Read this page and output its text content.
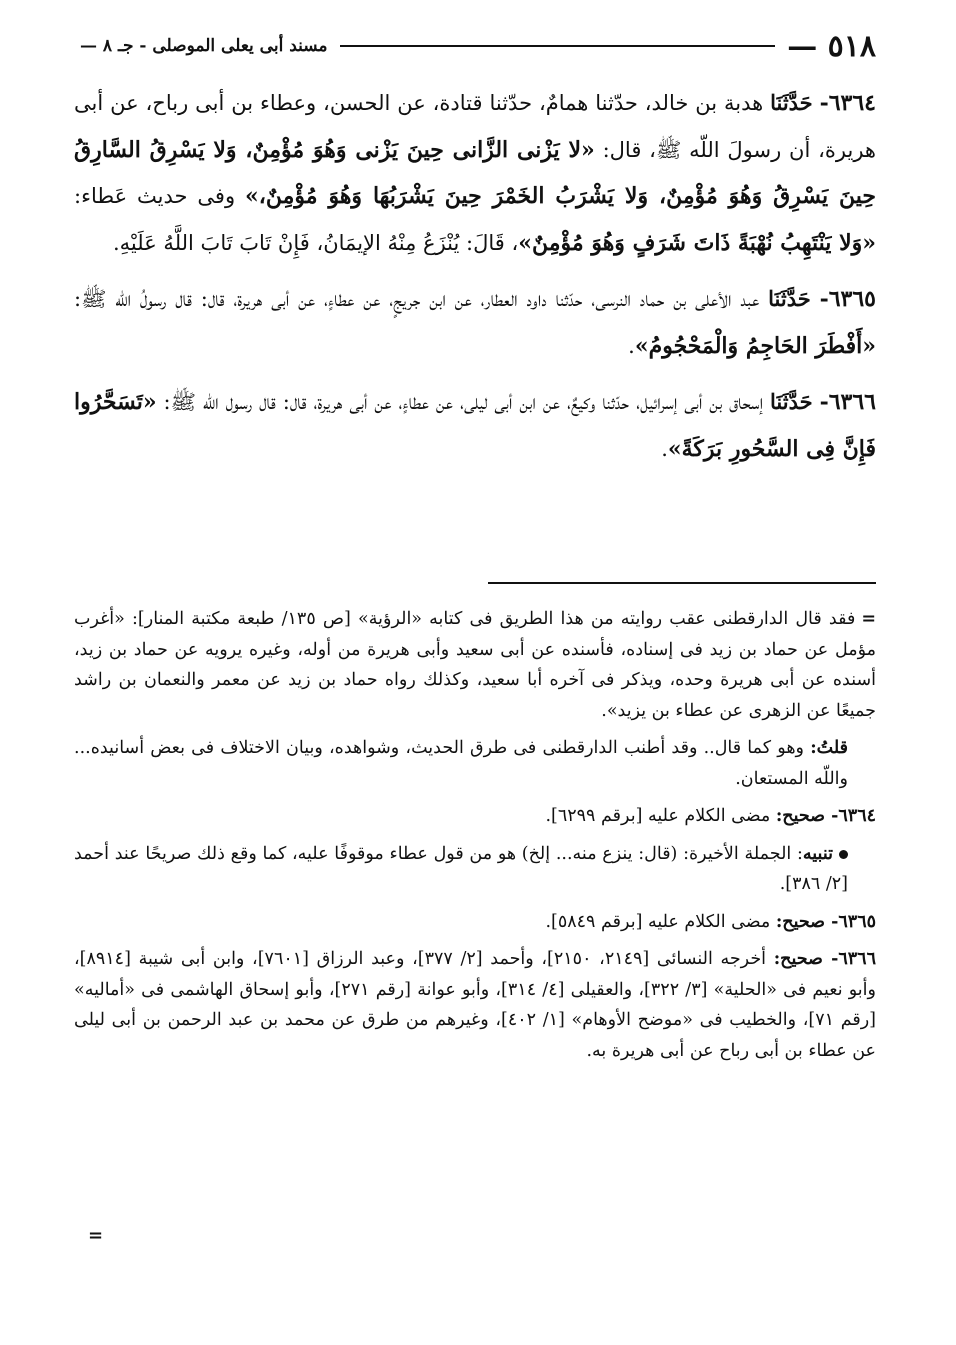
٥١٨ —
مسند أبى يعلى الموصلى - جـ ٨ —

٦٣٦٤- حَدَّثَنَا هدبة بن خالد، حدّثنا همامٌ، حدّثنا قتادة، عن الحسن، وعطاء بن أبى رباح، عن أبى هريرة، أن رسولَ اللّه ﷺ، قال: «لا يَزْنى الزَّانى حِينَ يَزْنى وَهُوَ مُؤْمِنٌ، وَلا يَسْرِقُ السَّارِقُ حِينَ يَسْرِقُ وَهُوَ مُؤْمِنٌ، وَلا يَشْرَبُ الخَمْرَ حِينَ يَشْرَبُهَا وَهُوَ مُؤْمِنٌ،» وفى حديث عَطاء: «وَلا يَنْتَهِبُ نُهْبَةً ذَاتَ شَرَفٍ وَهُوَ مُؤْمِنٌ»، قَالَ: يُنْزَعُ مِنْهُ الإيمَانُ، فَإِنْ تَابَ تَابَ اللَّهُ عَلَيْهِ.

٦٣٦٥- حَدَّثَنَا عبد الأعلى بن حماد النرسى، حدّثنا داود العطار، عن ابن جريجٍ، عن عطاءٍ، عن أبى هريرة، قال: قال رسولُ اللّه ﷺ: «أَفْطَرَ الحَاجِمُ وَالْمَحْجُومُ».

٦٣٦٦- حَدَّثَنَا إسحاق بن أبى إسرائيل، حدّثنا وكيعٌ، عن ابن أبى ليلى، عن عطاءٍ، عن أبى هريرة، قال: قال رسول اللّه ﷺ: «تَسَحَّرُوا فَإِنَّ فِى السَّحُورِ بَرَكَةً».

=فقد قال الدارقطنى عقب روايته من هذا الطريق فى كتابه «الرؤية» [ص ١٣٥/ طبعة مكتبة المنار]: «أغرب مؤمل عن حماد بن زيد فى إسناده، فأسنده عن أبى سعيد وأبى هريرة من أوله، وغيره يرويه عن حماد بن زيد، أسنده عن أبى هريرة وحده، ويذكر فى آخره أبا سعيد، وكذلك رواه حماد بن زيد عن معمر والنعمان بن راشد جميعًا عن الزهرى عن عطاء بن يزيد».

قلتُ: وهو كما قال.. وقد أطنب الدارقطنى فى طرق الحديث، وشواهده، وبيان الاختلاف فى بعض أسانيده... واللّه المستعان.

٦٣٦٤- صحيح: مضى الكلام عليه [برقم ٦٢٩٩].

تنبيه: الجملة الأخيرة: (قال: ينزع منه... إلخ) هو من قول عطاء موقوفًا عليه، كما وقع ذلك صريحًا عند أحمد [٢/ ٣٨٦].

٦٣٦٥- صحيح: مضى الكلام عليه [برقم ٥٨٤٩].

٦٣٦٦- صحيح: أخرجه النسائى [٢١٤٩، ٢١٥٠]، وأحمد [٢/ ٣٧٧]، وعبد الرزاق [٧٦٠١]، وابن أبى شيبة [٨٩١٤]، وأبو نعيم فى «الحلية» [٣/ ٣٢٢]، والعقيلى [٤/ ٣١٤]، وأبو عوانة [رقم ٢٧١]، وأبو إسحاق الهاشمى فى «أماليه» [رقم ٧١]، والخطيب فى «موضح الأوهام» [١/ ٤٠٢]، وغيرهم من طرق عن محمد بن عبد الرحمن بن أبى ليلى عن عطاء بن أبى رباح عن أبى هريرة به.

=
